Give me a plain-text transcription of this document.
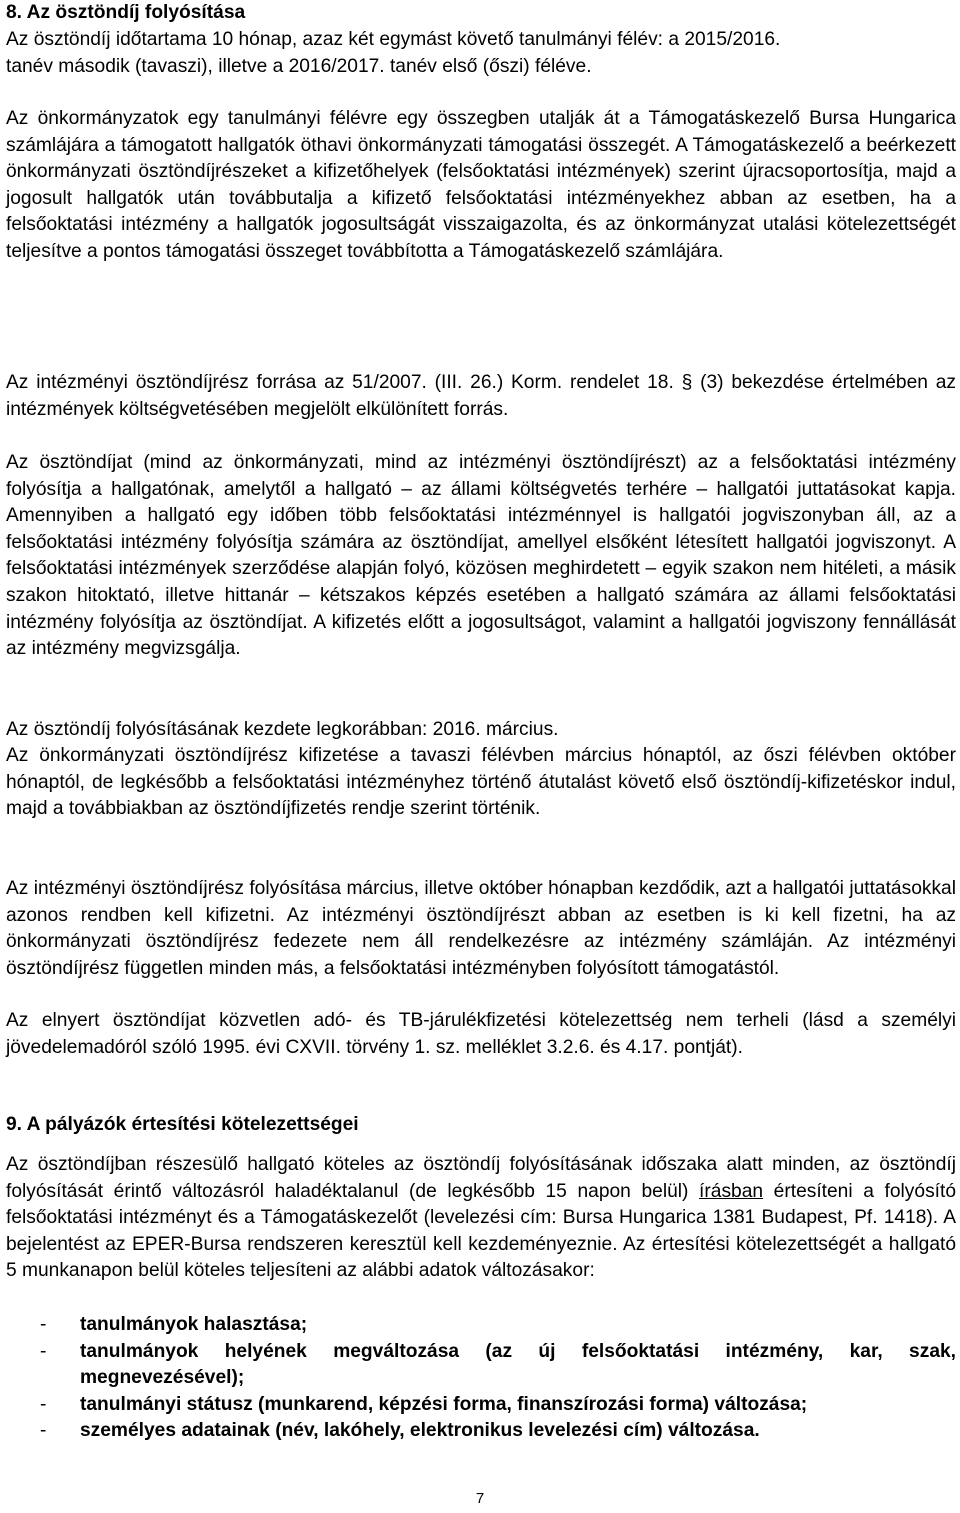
8. Az ösztöndíj folyósítása

Az ösztöndíj időtartama 10 hónap, azaz két egymást követő tanulmányi félév: a 2015/2016. tanév második (tavaszi), illetve a 2016/2017. tanév első (őszi) féléve.

Az önkormányzatok egy tanulmányi félévre egy összegben utalják át a Támogatáskezelő Bursa Hungarica számlájára a támogatott hallgatók öthavi önkormányzati támogatási összegét. A Támogatáskezelő a beérkezett önkormányzati ösztöndíjrészeket a kifizetőhelyek (felsőoktatási intézmények) szerint újracsoportosítja, majd a jogosult hallgatók után továbbutalja a kifizető felsőoktatási intézményekhez abban az esetben, ha a felsőoktatási intézmény a hallgatók jogosultságát visszaigazolta, és az önkormányzat utalási kötelezettségét teljesítve a pontos támogatási összeget továbbította a Támogatáskezelő számlájára.

Az intézményi ösztöndíjrész forrása az 51/2007. (III. 26.) Korm. rendelet 18. § (3) bekezdése értelmében az intézmények költségvetésében megjelölt elkülönített forrás.

Az ösztöndíjat (mind az önkormányzati, mind az intézményi ösztöndíjrészt) az a felsőoktatási intézmény folyósítja a hallgatónak, amelytől a hallgató – az állami költségvetés terhére – hallgatói juttatásokat kapja. Amennyiben a hallgató egy időben több felsőoktatási intézménnyel is hallgatói jogviszonyban áll, az a felsőoktatási intézmény folyósítja számára az ösztöndíjat, amellyel elsőként létesített hallgatói jogviszonyt. A felsőoktatási intézmények szerződése alapján folyó, közösen meghirdetett – egyik szakon nem hitéleti, a másik szakon hitoktató, illetve hittanár – kétszakos képzés esetében a hallgató számára az állami felsőoktatási intézmény folyósítja az ösztöndíjat. A kifizetés előtt a jogosultságot, valamint a hallgatói jogviszony fennállását az intézmény megvizsgálja.

Az ösztöndíj folyósításának kezdete legkorábban: 2016. március.

Az önkormányzati ösztöndíjrész kifizetése a tavaszi félévben március hónaptól, az őszi félévben október hónaptól, de legkésőbb a felsőoktatási intézményhez történő átutalást követő első ösztöndíj-kifizetéskor indul, majd a továbbiakban az ösztöndíjfizetés rendje szerint történik.

Az intézményi ösztöndíjrész folyósítása március, illetve október hónapban kezdődik, azt a hallgatói juttatásokkal azonos rendben kell kifizetni. Az intézményi ösztöndíjrészt abban az esetben is ki kell fizetni, ha az önkormányzati ösztöndíjrész fedezete nem áll rendelkezésre az intézmény számláján. Az intézményi ösztöndíjrész független minden más, a felsőoktatási intézményben folyósított támogatástól.

Az elnyert ösztöndíjat közvetlen adó- és TB-járulékfizetési kötelezettség nem terheli (lásd a személyi jövedelemadóról szóló 1995. évi CXVII. törvény 1. sz. melléklet 3.2.6. és 4.17. pontját).

9. A pályázók értesítési kötelezettségei

Az ösztöndíjban részesülő hallgató köteles az ösztöndíj folyósításának időszaka alatt minden, az ösztöndíj folyósítását érintő változásról haladéktalanul (de legkésőbb 15 napon belül) írásban értesíteni a folyósító felsőoktatási intézményt és a Támogatáskezelőt (levelezési cím: Bursa Hungarica 1381 Budapest, Pf. 1418). A bejelentést az EPER-Bursa rendszeren keresztül kell kezdeményeznie. Az értesítési kötelezettségét a hallgató 5 munkanapon belül köteles teljesíteni az alábbi adatok változásakor:

- tanulmányok halasztása;
- tanulmányok helyének megváltozása (az új felsőoktatási intézmény, kar, szak, megnevezésével);
- tanulmányi státusz (munkarend, képzési forma, finanszírozási forma) változása;
- személyes adatainak (név, lakóhely, elektronikus levelezési cím) változása.
7
